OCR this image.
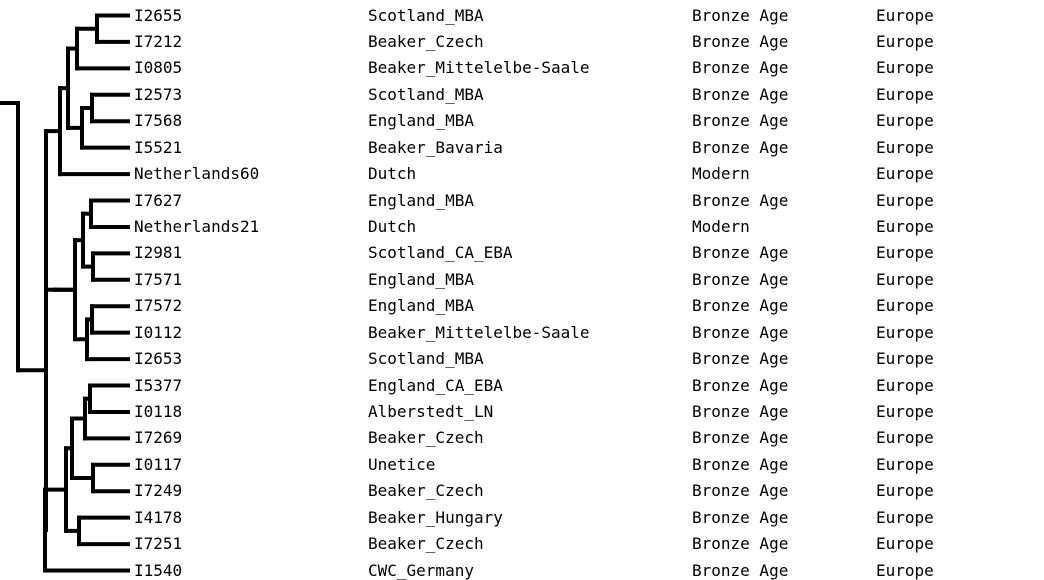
I2655	Scotland_MBA	Bronze Age	Europe
I7212	Beaker_Czech	Bronze Age	Europe
I0805	Beaker_Mittelelbe-Saale	Bronze Age	Europe
I2573	Scotland_MBA	Bronze Age	Europe
I7568	England_MBA	Bronze Age	Europe
I5521	Beaker_Bavaria	Bronze Age	Europe
Netherlands60	Dutch	Modern	Europe
I7627	England_MBA	Bronze Age	Europe
Netherlands21	Dutch	Modern	Europe
I2981	Scotland_CA_EBA	Bronze Age	Europe
I7571	England_MBA	Bronze Age	Europe
I7572	England_MBA	Bronze Age	Europe
I0112	Beaker_Mittelelbe-Saale	Bronze Age	Europe
I2653	Scotland_MBA	Bronze Age	Europe
I5377	England_CA_EBA	Bronze Age	Europe
I0118	Alberstedt_LN	Bronze Age	Europe
I7269	Beaker_Czech	Bronze Age	Europe
I0117	Unetice	Bronze Age	Europe
I7249	Beaker_Czech	Bronze Age	Europe
I4178	Beaker_Hungary	Bronze Age	Europe
I7251	Beaker_Czech	Bronze Age	Europe
I1540	CWC_Germany	Bronze Age	Europe
